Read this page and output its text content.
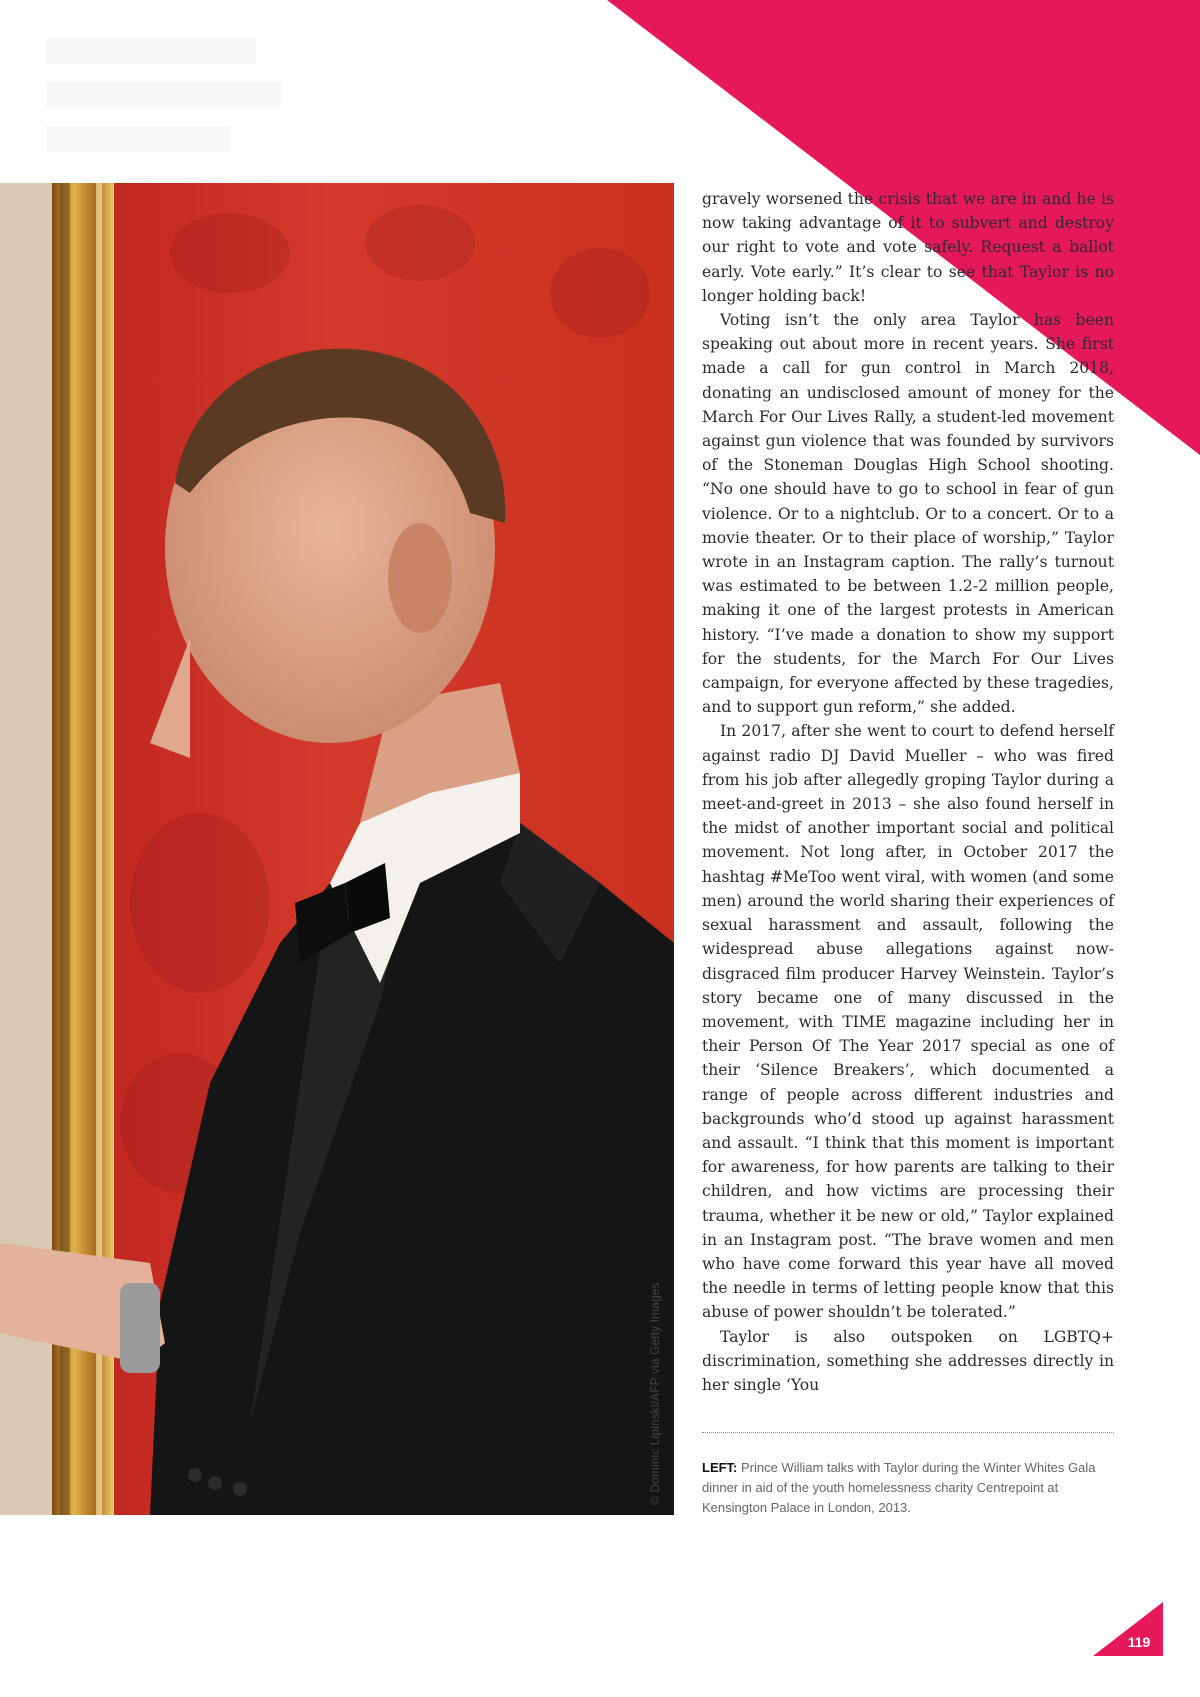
© Dominic Lipinski/AFP via Getty Images

gravely worsened the crisis that we are in and he is now taking advantage of it to subvert and destroy our right to vote and vote safely. Request a ballot early. Vote early.” It’s clear to see that Taylor is no longer holding back!

Voting isn’t the only area Taylor has been speaking out about more in recent years. She first made a call for gun control in March 2018, donating an undisclosed amount of money for the March For Our Lives Rally, a student-led movement against gun violence that was founded by survivors of the Stoneman Douglas High School shooting. “No one should have to go to school in fear of gun violence. Or to a nightclub. Or to a concert. Or to a movie theater. Or to their place of worship,” Taylor wrote in an Instagram caption. The rally’s turnout was estimated to be between 1.2-2 million people, making it one of the largest protests in American history. “I’ve made a donation to show my support for the students, for the March For Our Lives campaign, for everyone affected by these tragedies, and to support gun reform,” she added.

In 2017, after she went to court to defend herself against radio DJ David Mueller – who was fired from his job after allegedly groping Taylor during a meet-and-greet in 2013 – she also found herself in the midst of another important social and political movement. Not long after, in October 2017 the hashtag #MeToo went viral, with women (and some men) around the world sharing their experiences of sexual harassment and assault, following the widespread abuse allegations against now-disgraced film producer Harvey Weinstein. Taylor’s story became one of many discussed in the movement, with TIME magazine including her in their Person Of The Year 2017 special as one of their ‘Silence Breakers’, which documented a range of people across different industries and backgrounds who’d stood up against harassment and assault. “I think that this moment is important for awareness, for how parents are talking to their children, and how victims are processing their trauma, whether it be new or old,” Taylor explained in an Instagram post. “The brave women and men who have come forward this year have all moved the needle in terms of letting people know that this abuse of power shouldn’t be tolerated.”

Taylor is also outspoken on LGBTQ+ discrimination, something she addresses directly in her single ‘You

LEFT: Prince William talks with Taylor during the Winter Whites Gala dinner in aid of the youth homelessness charity Centrepoint at Kensington Palace in London, 2013.
119
